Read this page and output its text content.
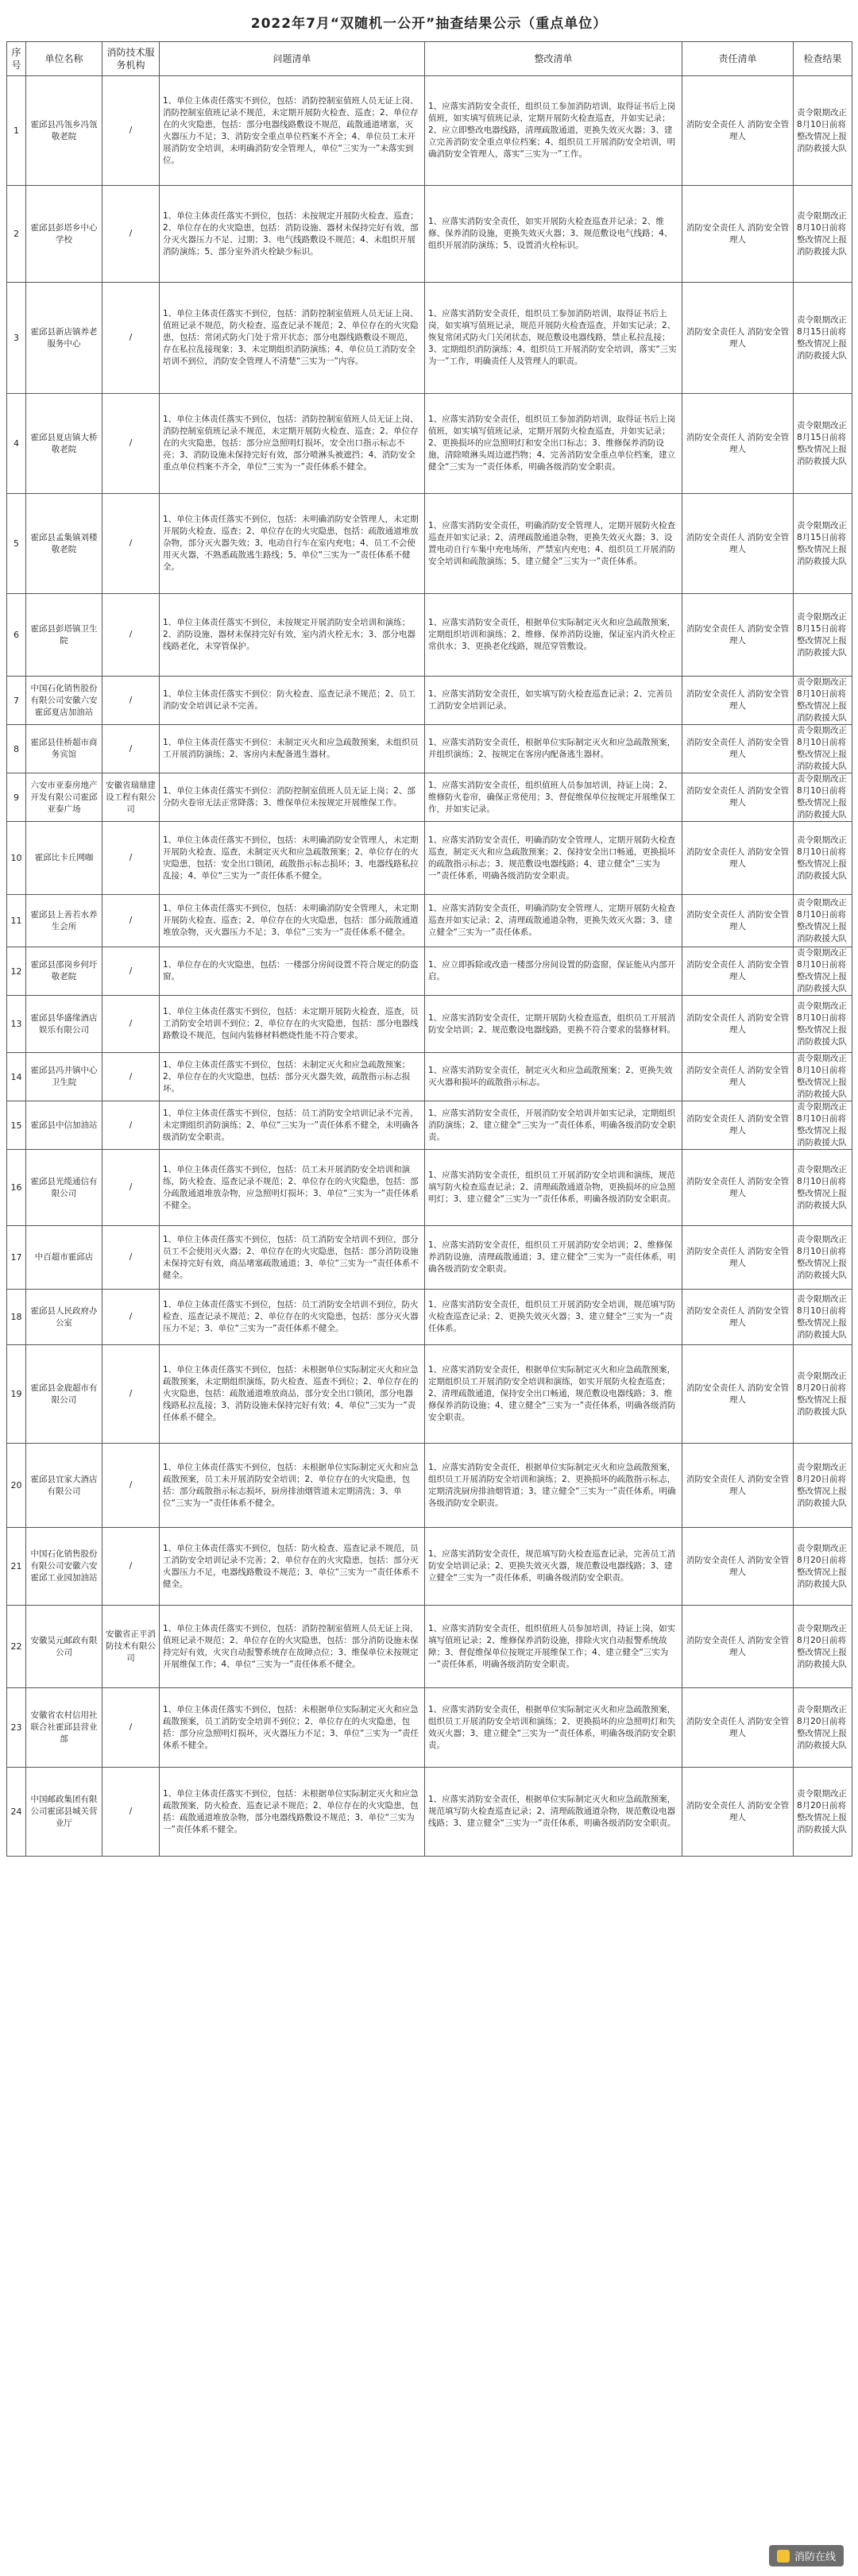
2022年7月“双随机一公开”抽查结果公示（重点单位）
序号	单位名称	消防技术服务机构	问题清单	整改清单	责任清单	检查结果
1	霍邱县冯瓴乡冯瓴敬老院	/	1、单位主体责任落实不到位，包括：消防控制室值班人员无证上岗、消防控制室值班记录不规范，未定期开展防火检查、巡查；2、单位存在的火灾隐患，包括：部分电器线路敷设不规范，疏散通道堵塞，灭火器压力不足；3、消防安全重点单位档案不齐全；4、单位员工未开展消防安全培训，未明确消防安全管理人，单位“三实为一”未落实到位。	1、应落实消防安全责任，组织员工参加消防培训，取得证书后上岗值班，如实填写值班记录，定期开展防火检查巡查，并如实记录；2、应立即整改电器线路，清理疏散通道，更换失效灭火器；3、建立完善消防安全重点单位档案；4、组织员工开展消防安全培训，明确消防安全管理人，落实“三实为一”工作。	消防安全责任人 消防安全管理人	责令限期改正8月10日前将整改情况上报消防救援大队
2	霍邱县彭塔乡中心学校	/	1、单位主体责任落实不到位，包括：未按规定开展防火检查、巡查；2、单位存在的火灾隐患，包括：消防设施、器材未保持完好有效，部分灭火器压力不足、过期；3、电气线路敷设不规范；4、未组织开展消防演练；5、部分室外消火栓缺少标识。	1、应落实消防安全责任，如实开展防火检查巡查并记录；2、维修、保养消防设施，更换失效灭火器；3、规范敷设电气线路；4、组织开展消防演练；5、设置消火栓标识。	消防安全责任人 消防安全管理人	责令限期改正8月10日前将整改情况上报消防救援大队
3	霍邱县新店镇养老服务中心	/	1、单位主体责任落实不到位，包括：消防控制室值班人员无证上岗、值班记录不规范，防火检查、巡查记录不规范；2、单位存在的火灾隐患，包括：常闭式防火门处于常开状态；部分电器线路敷设不规范，存在私拉乱接现象；3、未定期组织消防演练；4、单位员工消防安全培训不到位，消防安全管理人不清楚“三实为一”内容。	1、应落实消防安全责任，组织员工参加消防培训，取得证书后上岗，如实填写值班记录，规范开展防火检查巡查，并如实记录；2、恢复常闭式防火门关闭状态，规范敷设电器线路，禁止私拉乱接；3、定期组织消防演练；4、组织员工开展消防安全培训，落实“三实为一”工作，明确责任人及管理人的职责。	消防安全责任人 消防安全管理人	责令限期改正8月15日前将整改情况上报消防救援大队
4	霍邱县夏店镇大桥敬老院	/	1、单位主体责任落实不到位，包括：消防控制室值班人员无证上岗、消防控制室值班记录不规范，未定期开展防火检查、巡查；2、单位存在的火灾隐患，包括：部分应急照明灯损坏，安全出口指示标志不亮；3、消防设施未保持完好有效，部分喷淋头被遮挡；4、消防安全重点单位档案不齐全，单位“三实为一”责任体系不健全。	1、应落实消防安全责任，组织员工参加消防培训，取得证书后上岗值班，如实填写值班记录，定期开展防火检查巡查，并如实记录；2、更换损坏的应急照明灯和安全出口标志；3、维修保养消防设施，清除喷淋头周边遮挡物；4、完善消防安全重点单位档案，建立健全“三实为一”责任体系，明确各级消防安全职责。	消防安全责任人 消防安全管理人	责令限期改正8月15日前将整改情况上报消防救援大队
5	霍邱县孟集镇刘楼敬老院	/	1、单位主体责任落实不到位，包括：未明确消防安全管理人，未定期开展防火检查、巡查；2、单位存在的火灾隐患，包括：疏散通道堆放杂物，部分灭火器失效；3、电动自行车在室内充电；4、员工不会使用灭火器，不熟悉疏散逃生路线；5、单位“三实为一”责任体系不健全。	1、应落实消防安全责任，明确消防安全管理人，定期开展防火检查巡查并如实记录；2、清理疏散通道杂物，更换失效灭火器；3、设置电动自行车集中充电场所，严禁室内充电；4、组织员工开展消防安全培训和疏散演练；5、建立健全“三实为一”责任体系。	消防安全责任人 消防安全管理人	责令限期改正8月15日前将整改情况上报消防救援大队
6	霍邱县彭塔镇卫生院	/	1、单位主体责任落实不到位，未按规定开展消防安全培训和演练；2、消防设施、器材未保持完好有效，室内消火栓无水；3、部分电器线路老化，未穿管保护。	1、应落实消防安全责任，根据单位实际制定灭火和应急疏散预案，定期组织培训和演练；2、维修、保养消防设施，保证室内消火栓正常供水；3、更换老化线路，规范穿管敷设。	消防安全责任人 消防安全管理人	责令限期改正8月15日前将整改情况上报消防救援大队
7	中国石化销售股份有限公司安徽六安霍邱夏店加油站	/	1、单位主体责任落实不到位：防火检查、巡查记录不规范；2、员工消防安全培训记录不完善。	1、应落实消防安全责任，如实填写防火检查巡查记录；2、完善员工消防安全培训记录。	消防安全责任人 消防安全管理人	责令限期改正8月10日前将整改情况上报消防救援大队
8	霍邱县佳桥超市商务宾馆	/	1、单位主体责任落实不到位：未制定灭火和应急疏散预案，未组织员工开展消防演练；2、客房内未配备逃生器材。	1、应落实消防安全责任，根据单位实际制定灭火和应急疏散预案，并组织演练；2、按规定在客房内配备逃生器材。	消防安全责任人 消防安全管理人	责令限期改正8月10日前将整改情况上报消防救援大队
9	六安市亚泰房地产开发有限公司霍邱亚泰广场	安徽省瑞鼎建设工程有限公司	1、单位主体责任落实不到位：消防控制室值班人员无证上岗；2、部分防火卷帘无法正常降落；3、维保单位未按规定开展维保工作。	1、应落实消防安全责任，组织值班人员参加培训，持证上岗；2、维修防火卷帘，确保正常使用；3、督促维保单位按规定开展维保工作，并如实记录。	消防安全责任人 消防安全管理人	责令限期改正8月10日前将整改情况上报消防救援大队
10	霍邱比卡丘网咖	/	1、单位主体责任落实不到位，包括：未明确消防安全管理人，未定期开展防火检查、巡查，未制定灭火和应急疏散预案；2、单位存在的火灾隐患，包括：安全出口锁闭，疏散指示标志损坏；3、电器线路私拉乱接；4、单位“三实为一”责任体系不健全。	1、应落实消防安全责任，明确消防安全管理人，定期开展防火检查巡查，制定灭火和应急疏散预案；2、保持安全出口畅通，更换损坏的疏散指示标志；3、规范敷设电器线路；4、建立健全“三实为一”责任体系，明确各级消防安全职责。	消防安全责任人 消防安全管理人	责令限期改正8月10日前将整改情况上报消防救援大队
11	霍邱县上善若水养生会所	/	1、单位主体责任落实不到位，包括：未明确消防安全管理人，未定期开展防火检查、巡查；2、单位存在的火灾隐患，包括：部分疏散通道堆放杂物，灭火器压力不足；3、单位“三实为一”责任体系不健全。	1、应落实消防安全责任，明确消防安全管理人，定期开展防火检查巡查并如实记录；2、清理疏散通道杂物，更换失效灭火器；3、建立健全“三实为一”责任体系。	消防安全责任人 消防安全管理人	责令限期改正8月10日前将整改情况上报消防救援大队
12	霍邱县邵岗乡何圩敬老院	/	1、单位存在的火灾隐患，包括：一楼部分房间设置不符合规定的防盗窗。	1、应立即拆除或改造一楼部分房间设置的防盗窗，保证能从内部开启。	消防安全责任人 消防安全管理人	责令限期改正8月10日前将整改情况上报消防救援大队
13	霍邱县华盛缘酒店娱乐有限公司	/	1、单位主体责任落实不到位，包括：未定期开展防火检查、巡查，员工消防安全培训不到位；2、单位存在的火灾隐患，包括：部分电器线路敷设不规范，包间内装修材料燃烧性能不符合要求。	1、应落实消防安全责任，定期开展防火检查巡查，组织员工开展消防安全培训；2、规范敷设电器线路，更换不符合要求的装修材料。	消防安全责任人 消防安全管理人	责令限期改正8月10日前将整改情况上报消防救援大队
14	霍邱县冯井镇中心卫生院	/	1、单位主体责任落实不到位，包括：未制定灭火和应急疏散预案；2、单位存在的火灾隐患，包括：部分灭火器失效，疏散指示标志损坏。	1、应落实消防安全责任，制定灭火和应急疏散预案；2、更换失效灭火器和损坏的疏散指示标志。	消防安全责任人 消防安全管理人	责令限期改正8月10日前将整改情况上报消防救援大队
15	霍邱县中信加油站	/	1、单位主体责任落实不到位，包括：员工消防安全培训记录不完善，未定期组织消防演练；2、单位“三实为一”责任体系不健全，未明确各级消防安全职责。	1、应落实消防安全责任，开展消防安全培训并如实记录，定期组织消防演练；2、建立健全“三实为一”责任体系，明确各级消防安全职责。	消防安全责任人 消防安全管理人	责令限期改正8月10日前将整改情况上报消防救援大队
16	霍邱县光缆通信有限公司	/	1、单位主体责任落实不到位，包括：员工未开展消防安全培训和演练，防火检查、巡查记录不规范；2、单位存在的火灾隐患，包括：部分疏散通道堆放杂物，应急照明灯损坏；3、单位“三实为一”责任体系不健全。	1、应落实消防安全责任，组织员工开展消防安全培训和演练，规范填写防火检查巡查记录；2、清理疏散通道杂物，更换损坏的应急照明灯；3、建立健全“三实为一”责任体系，明确各级消防安全职责。	消防安全责任人 消防安全管理人	责令限期改正8月10日前将整改情况上报消防救援大队
17	中百超市霍邱店	/	1、单位主体责任落实不到位，包括：员工消防安全培训不到位，部分员工不会使用灭火器；2、单位存在的火灾隐患，包括：部分消防设施未保持完好有效，商品堵塞疏散通道；3、单位“三实为一”责任体系不健全。	1、应落实消防安全责任，组织员工开展消防安全培训；2、维修保养消防设施，清理疏散通道；3、建立健全“三实为一”责任体系，明确各级消防安全职责。	消防安全责任人 消防安全管理人	责令限期改正8月10日前将整改情况上报消防救援大队
18	霍邱县人民政府办公室	/	1、单位主体责任落实不到位，包括：员工消防安全培训不到位，防火检查、巡查记录不规范；2、单位存在的火灾隐患，包括：部分灭火器压力不足；3、单位“三实为一”责任体系不健全。	1、应落实消防安全责任，组织员工开展消防安全培训，规范填写防火检查巡查记录；2、更换失效灭火器；3、建立健全“三实为一”责任体系。	消防安全责任人 消防安全管理人	责令限期改正8月10日前将整改情况上报消防救援大队
19	霍邱县金鹿超市有限公司	/	1、单位主体责任落实不到位，包括：未根据单位实际制定灭火和应急疏散预案，未定期组织演练，防火检查、巡查不到位；2、单位存在的火灾隐患，包括：疏散通道堆放商品，部分安全出口锁闭，部分电器线路私拉乱接；3、消防设施未保持完好有效；4、单位“三实为一”责任体系不健全。	1、应落实消防安全责任，根据单位实际制定灭火和应急疏散预案，定期组织员工开展消防安全培训和演练，如实开展防火检查巡查；2、清理疏散通道，保持安全出口畅通，规范敷设电器线路；3、维修保养消防设施；4、建立健全“三实为一”责任体系，明确各级消防安全职责。	消防安全责任人 消防安全管理人	责令限期改正8月20日前将整改情况上报消防救援大队
20	霍邱县宜家大酒店有限公司	/	1、单位主体责任落实不到位，包括：未根据单位实际制定灭火和应急疏散预案，员工未开展消防安全培训；2、单位存在的火灾隐患，包括：部分疏散指示标志损坏，厨房排油烟管道未定期清洗；3、单位“三实为一”责任体系不健全。	1、应落实消防安全责任，根据单位实际制定灭火和应急疏散预案，组织员工开展消防安全培训和演练；2、更换损坏的疏散指示标志，定期清洗厨房排油烟管道；3、建立健全“三实为一”责任体系，明确各级消防安全职责。	消防安全责任人 消防安全管理人	责令限期改正8月20日前将整改情况上报消防救援大队
21	中国石化销售股份有限公司安徽六安霍邱工业园加油站	/	1、单位主体责任落实不到位，包括：防火检查、巡查记录不规范，员工消防安全培训记录不完善；2、单位存在的火灾隐患，包括：部分灭火器压力不足，电器线路敷设不规范；3、单位“三实为一”责任体系不健全。	1、应落实消防安全责任，规范填写防火检查巡查记录，完善员工消防安全培训记录；2、更换失效灭火器，规范敷设电器线路；3、建立健全“三实为一”责任体系，明确各级消防安全职责。	消防安全责任人 消防安全管理人	责令限期改正8月20日前将整改情况上报消防救援大队
22	安徽昊元邮政有限公司	安徽省正平消防技术有限公司	1、单位主体责任落实不到位，包括：消防控制室值班人员无证上岗，值班记录不规范；2、单位存在的火灾隐患，包括：部分消防设施未保持完好有效，火灾自动报警系统存在故障点位；3、维保单位未按规定开展维保工作；4、单位“三实为一”责任体系不健全。	1、应落实消防安全责任，组织值班人员参加培训，持证上岗，如实填写值班记录；2、维修保养消防设施，排除火灾自动报警系统故障；3、督促维保单位按规定开展维保工作；4、建立健全“三实为一”责任体系，明确各级消防安全职责。	消防安全责任人 消防安全管理人	责令限期改正8月20日前将整改情况上报消防救援大队
23	安徽省农村信用社联合社霍邱县营业部	/	1、单位主体责任落实不到位，包括：未根据单位实际制定灭火和应急疏散预案，员工消防安全培训不到位；2、单位存在的火灾隐患，包括：部分应急照明灯损坏，灭火器压力不足；3、单位“三实为一”责任体系不健全。	1、应落实消防安全责任，根据单位实际制定灭火和应急疏散预案，组织员工开展消防安全培训和演练；2、更换损坏的应急照明灯和失效灭火器；3、建立健全“三实为一”责任体系，明确各级消防安全职责。	消防安全责任人 消防安全管理人	责令限期改正8月20日前将整改情况上报消防救援大队
24	中国邮政集团有限公司霍邱县城关营业厅	/	1、单位主体责任落实不到位，包括：未根据单位实际制定灭火和应急疏散预案，防火检查、巡查记录不规范；2、单位存在的火灾隐患，包括：疏散通道堆放杂物，部分电器线路敷设不规范；3、单位“三实为一”责任体系不健全。	1、应落实消防安全责任，根据单位实际制定灭火和应急疏散预案，规范填写防火检查巡查记录；2、清理疏散通道杂物，规范敷设电器线路；3、建立健全“三实为一”责任体系，明确各级消防安全职责。	消防安全责任人 消防安全管理人	责令限期改正8月20日前将整改情况上报消防救援大队
消防在线
